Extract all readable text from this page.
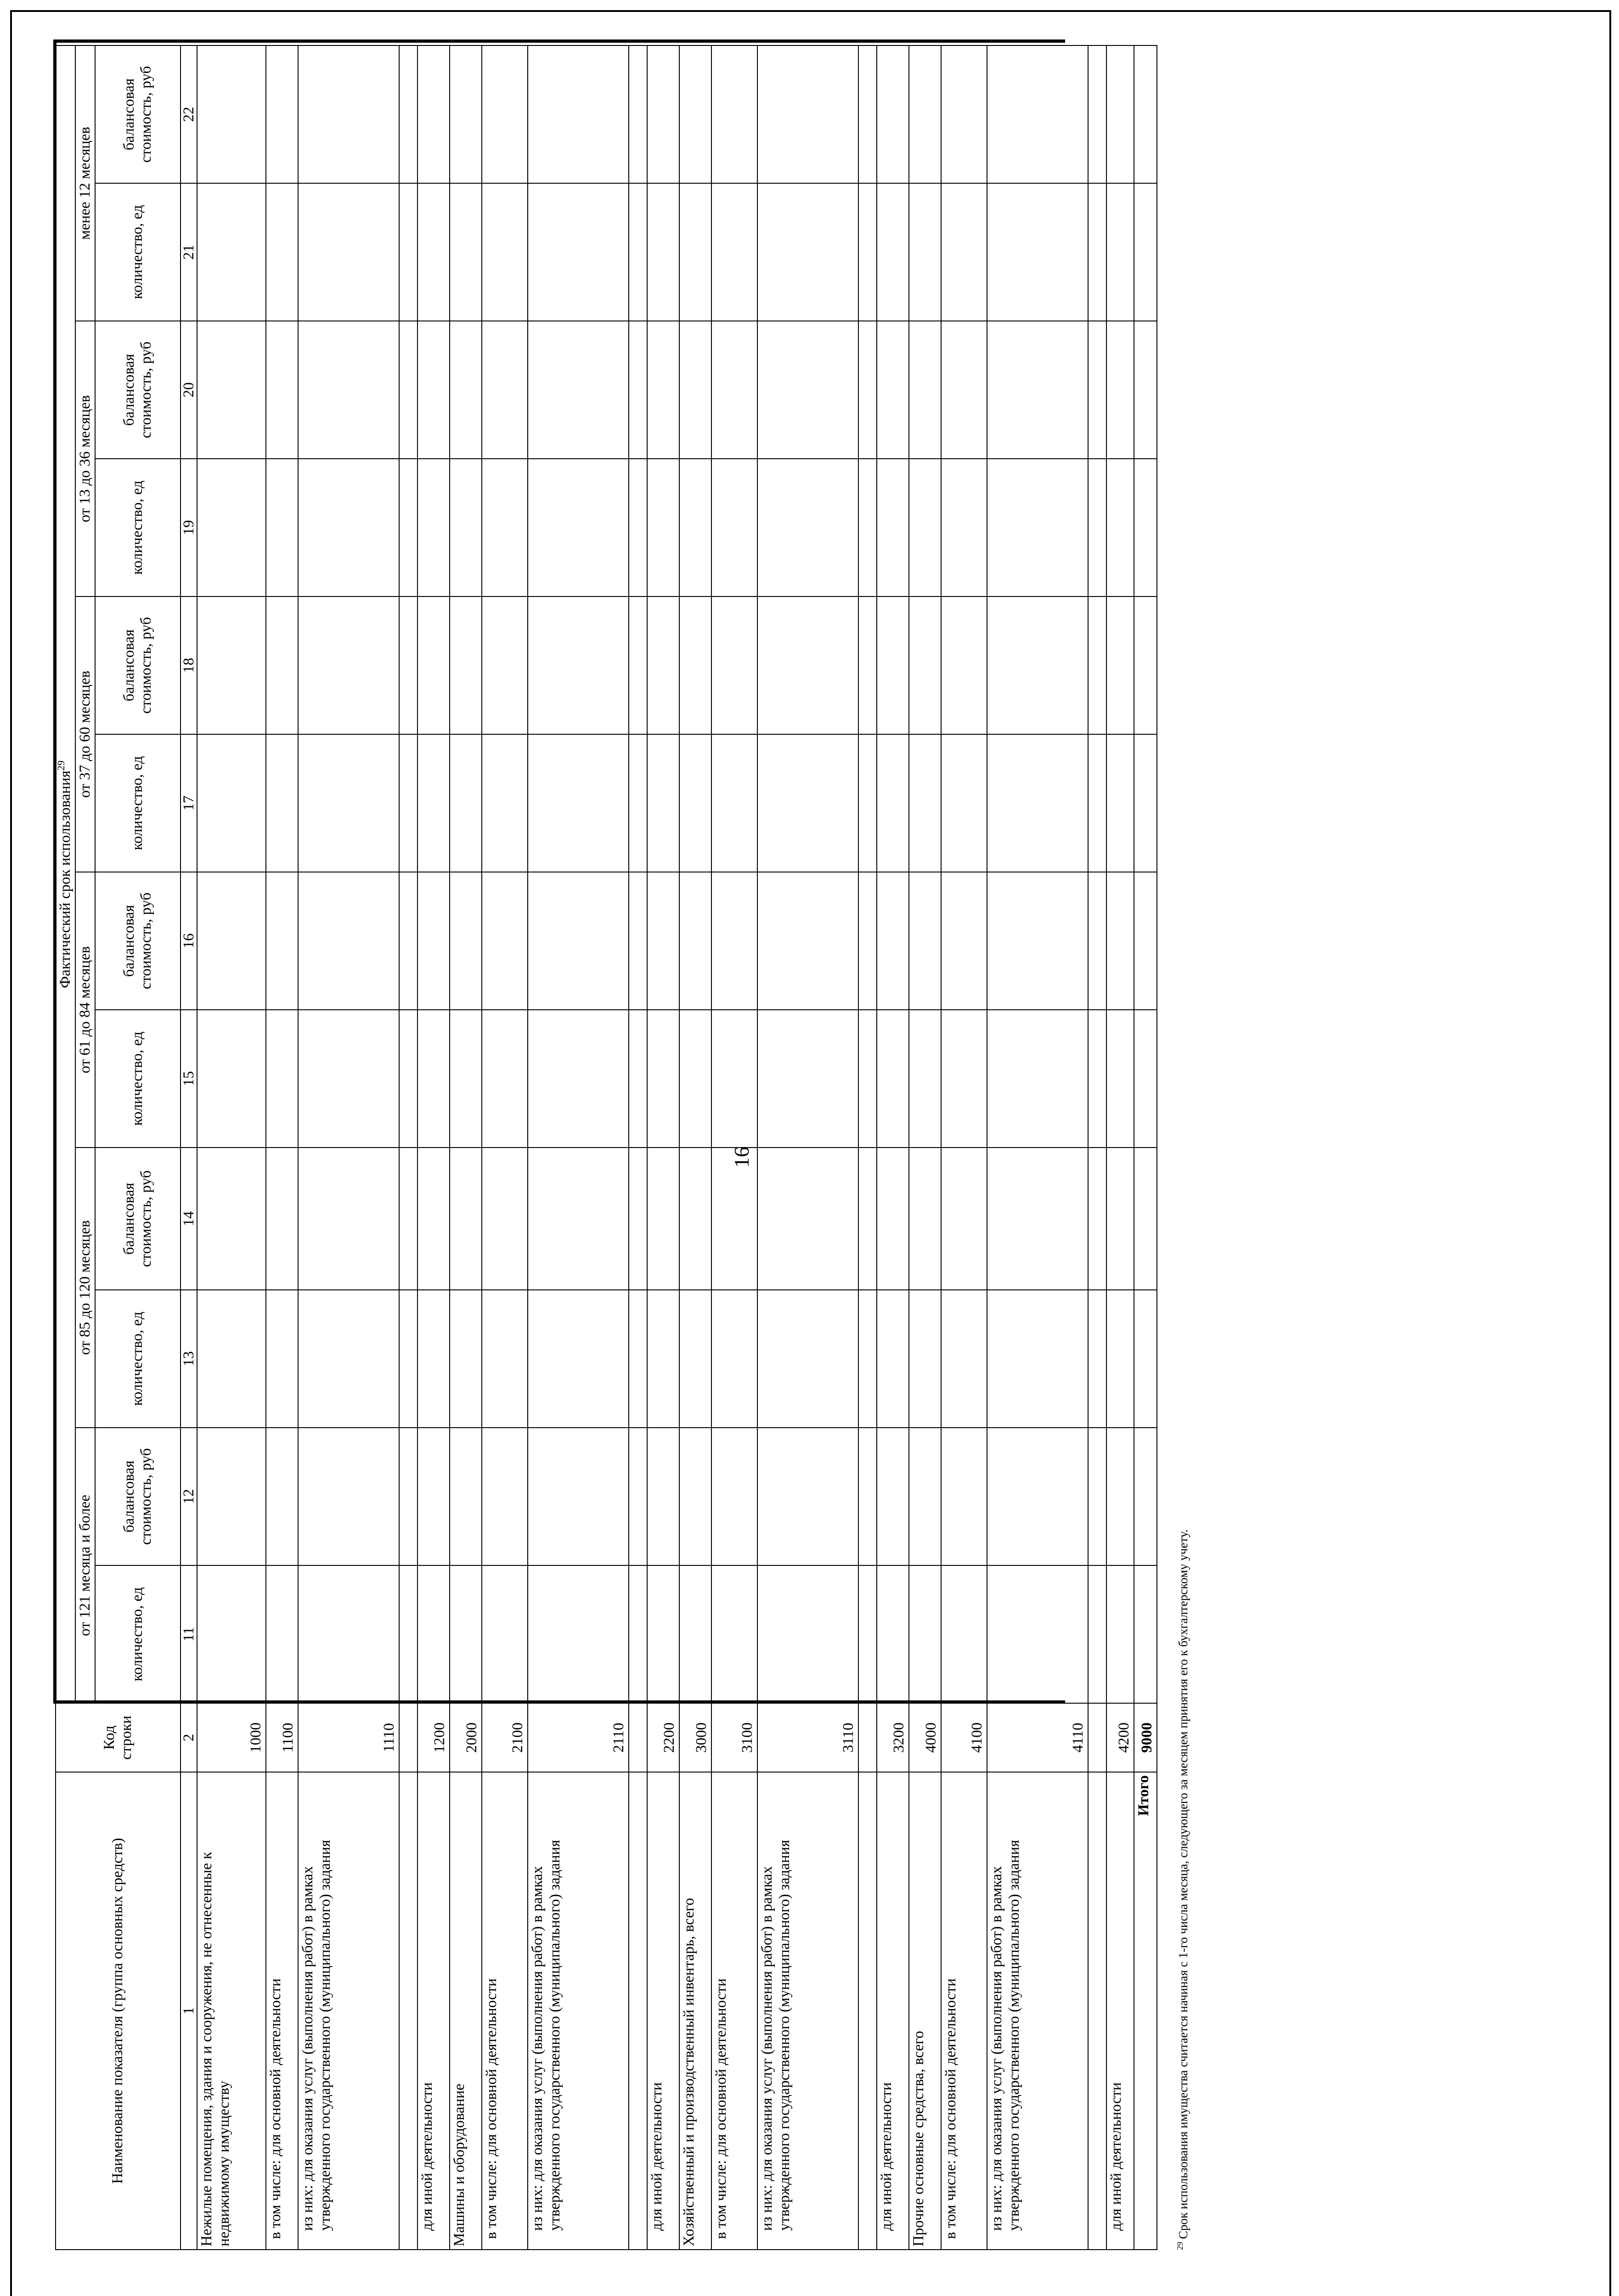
16
Наименование показателя (группа основных средств)	Код строки	Фактический срок использования$^{29}$
		от 121 месяца и более		от 85 до 120 месяцев		от 61 до 84 месяцев		от 37 до 60 месяцев		от 13 до 36 месяцев		менее 12 месяцев	
		количество, ед	балансовая стоимость, руб	количество, ед	балансовая стоимость, руб	количество, ед	балансовая стоимость, руб	количество, ед	балансовая стоимость, руб	количество, ед	балансовая стоимость, руб	количество, ед	балансовая стоимость, руб
1	2	11	12	13	14	15	16	17	18	19	20	21	22
Нежилые помещения, здания и сооружения, не отнесенные к недвижимому имуществу	1000												
в том числе: для основной деятельности	1100												
из них: для оказания услуг (выполнения работ) в рамках утвержденного государственного (муниципального) задания	1110												

для иной деятельности	1200												
Машины и оборудование	2000												
в том числе: для основной деятельности	2100												
из них: для оказания услуг (выполнения работ) в рамках утвержденного государственного (муниципального) задания	2110												

для иной деятельности	2200												
Хозяйственный и производственный инвентарь, всего	3000												
в том числе: для основной деятельности	3100												
из них: для оказания услуг (выполнения работ) в рамках утвержденного государственного (муниципального) задания	3110												

для иной деятельности	3200												
Прочие основные средства, всего	4000												
в том числе: для основной деятельности	4100												
из них: для оказания услуг (выполнения работ) в рамках утвержденного государственного (муниципального) задания	4110												

для иной деятельности	4200												
Итого	9000												
$^{29}$Срок использования имущества считается начиная с 1-го числа месяца, следующего за месяцем принятия его к бухгалтерскому учету.
